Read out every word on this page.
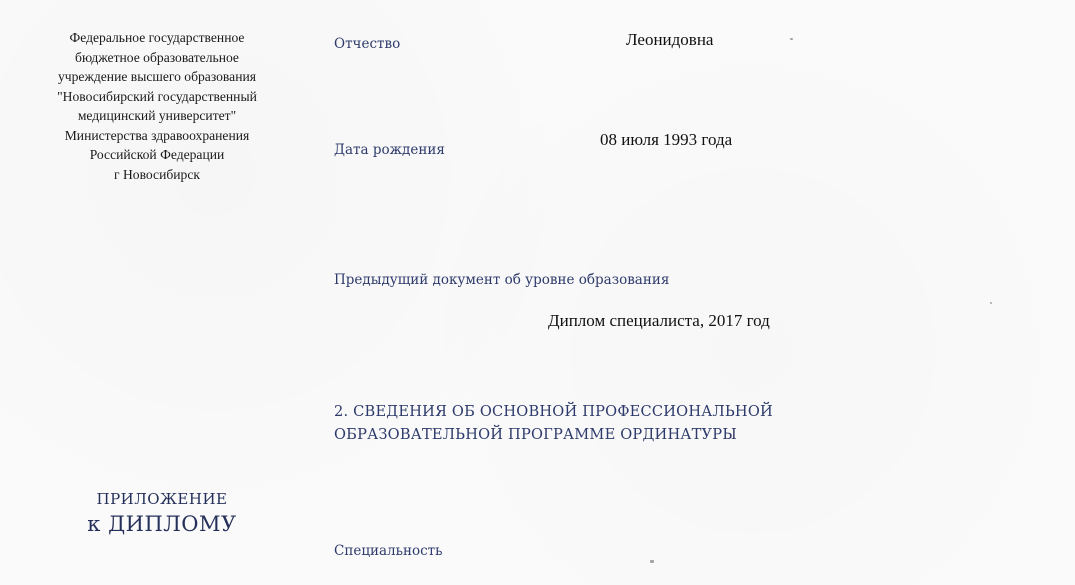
Федеральное государственное
бюджетное образовательное
учреждение высшего образования
"Новосибирский государственный
медицинский университет"
Министерства здравоохранения
Российской Федерации
г Новосибирск
ПРИЛОЖЕНИЕ
к ДИПЛОМУ
Отчество	Леонидовна
Дата рождения
08 июля 1993 года
Предыдущий документ об уровне образования
Диплом специалиста, 2017 год
2. СВЕДЕНИЯ ОБ ОСНОВНОЙ ПРОФЕССИОНАЛЬНОЙ
ОБРАЗОВАТЕЛЬНОЙ ПРОГРАММЕ ОРДИНАТУРЫ
Специальность
